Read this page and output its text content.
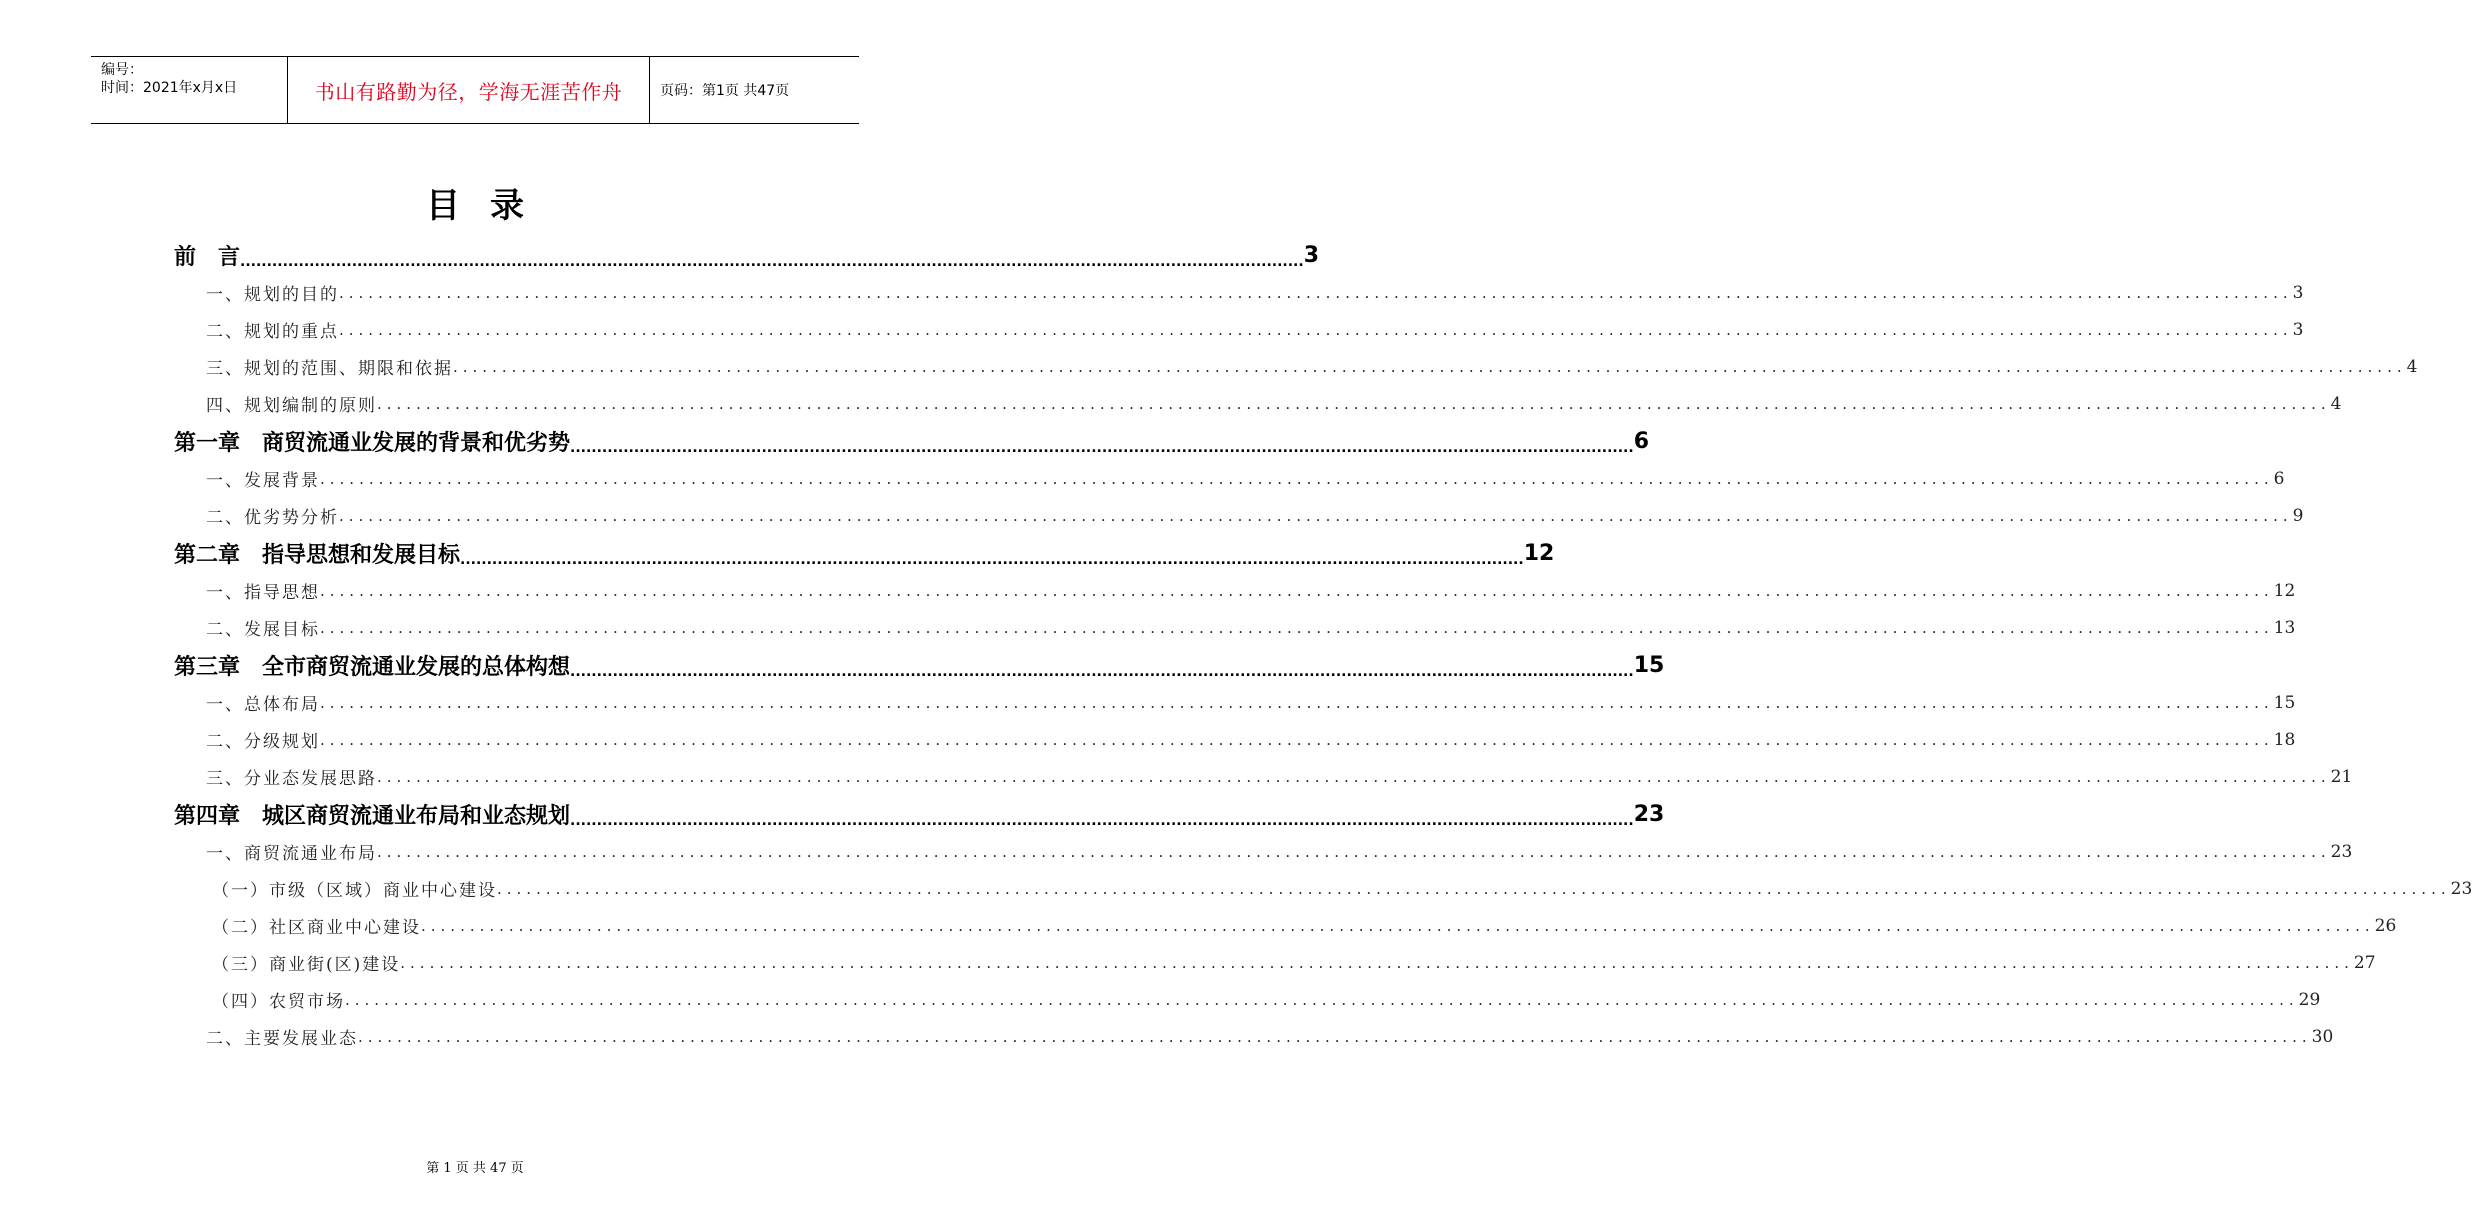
编号：
时间：2021年x月x日	书山有路勤为径，学海无涯苦作舟	页码：第1页 共47页
目录
前　言 ........................................................................................................................................................................................................ 3
一、规划的目的 ........................................................................................................................................................................................................ 3
二、规划的重点 ........................................................................................................................................................................................................ 3
三、规划的范围、期限和依据 ........................................................................................................................................................................................................ 4
四、规划编制的原则 ........................................................................................................................................................................................................ 4
第一章　商贸流通业发展的背景和优劣势 ........................................................................................................................................................................................................ 6
一、发展背景 ........................................................................................................................................................................................................ 6
二、优劣势分析 ........................................................................................................................................................................................................ 9
第二章　指导思想和发展目标 ........................................................................................................................................................................................................ 12
一、指导思想 ........................................................................................................................................................................................................ 12
二、发展目标 ........................................................................................................................................................................................................ 13
第三章　全市商贸流通业发展的总体构想 ........................................................................................................................................................................................................ 15
一、总体布局 ........................................................................................................................................................................................................ 15
二、分级规划 ........................................................................................................................................................................................................ 18
三、分业态发展思路 ........................................................................................................................................................................................................ 21
第四章　城区商贸流通业布局和业态规划 ........................................................................................................................................................................................................ 23
一、商贸流通业布局 ........................................................................................................................................................................................................ 23
（一）市级（区域）商业中心建设 ........................................................................................................................................................................................................ 23
（二）社区商业中心建设 ........................................................................................................................................................................................................ 26
（三）商业街(区)建设 ........................................................................................................................................................................................................ 27
（四）农贸市场 ........................................................................................................................................................................................................ 29
二、主要发展业态 ........................................................................................................................................................................................................ 30
第 1 页 共 47 页
